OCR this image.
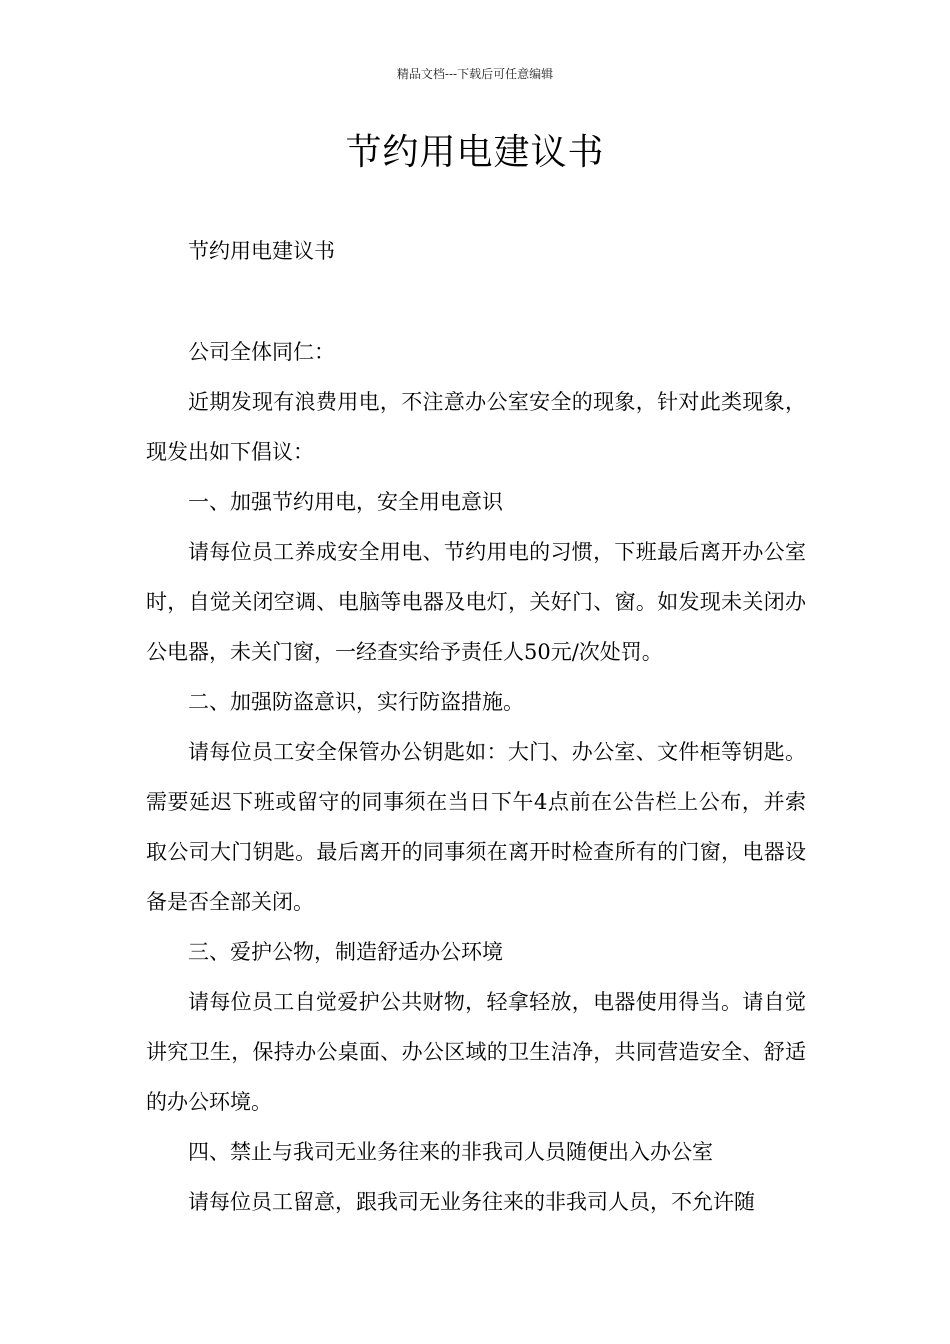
精品文档---下载后可任意编辑
节约用电建议书
节约用电建议书

公司全体同仁：

近期发现有浪费用电，不注意办公室安全的现象，针对此类现象，现发出如下倡议：

一、加强节约用电，安全用电意识

请每位员工养成安全用电、节约用电的习惯，下班最后离开办公室时，自觉关闭空调、电脑等电器及电灯，关好门、窗。如发现未关闭办公电器，未关门窗，一经查实给予责任人50元/次处罚。

二、加强防盗意识，实行防盗措施。

请每位员工安全保管办公钥匙如：大门、办公室、文件柜等钥匙。需要延迟下班或留守的同事须在当日下午4点前在公告栏上公布，并索取公司大门钥匙。最后离开的同事须在离开时检查所有的门窗，电器设备是否全部关闭。

三、爱护公物，制造舒适办公环境

请每位员工自觉爱护公共财物，轻拿轻放，电器使用得当。请自觉讲究卫生，保持办公桌面、办公区域的卫生洁净，共同营造安全、舒适的办公环境。

四、禁止与我司无业务往来的非我司人员随便出入办公室

请每位员工留意，跟我司无业务往来的非我司人员，不允许随
